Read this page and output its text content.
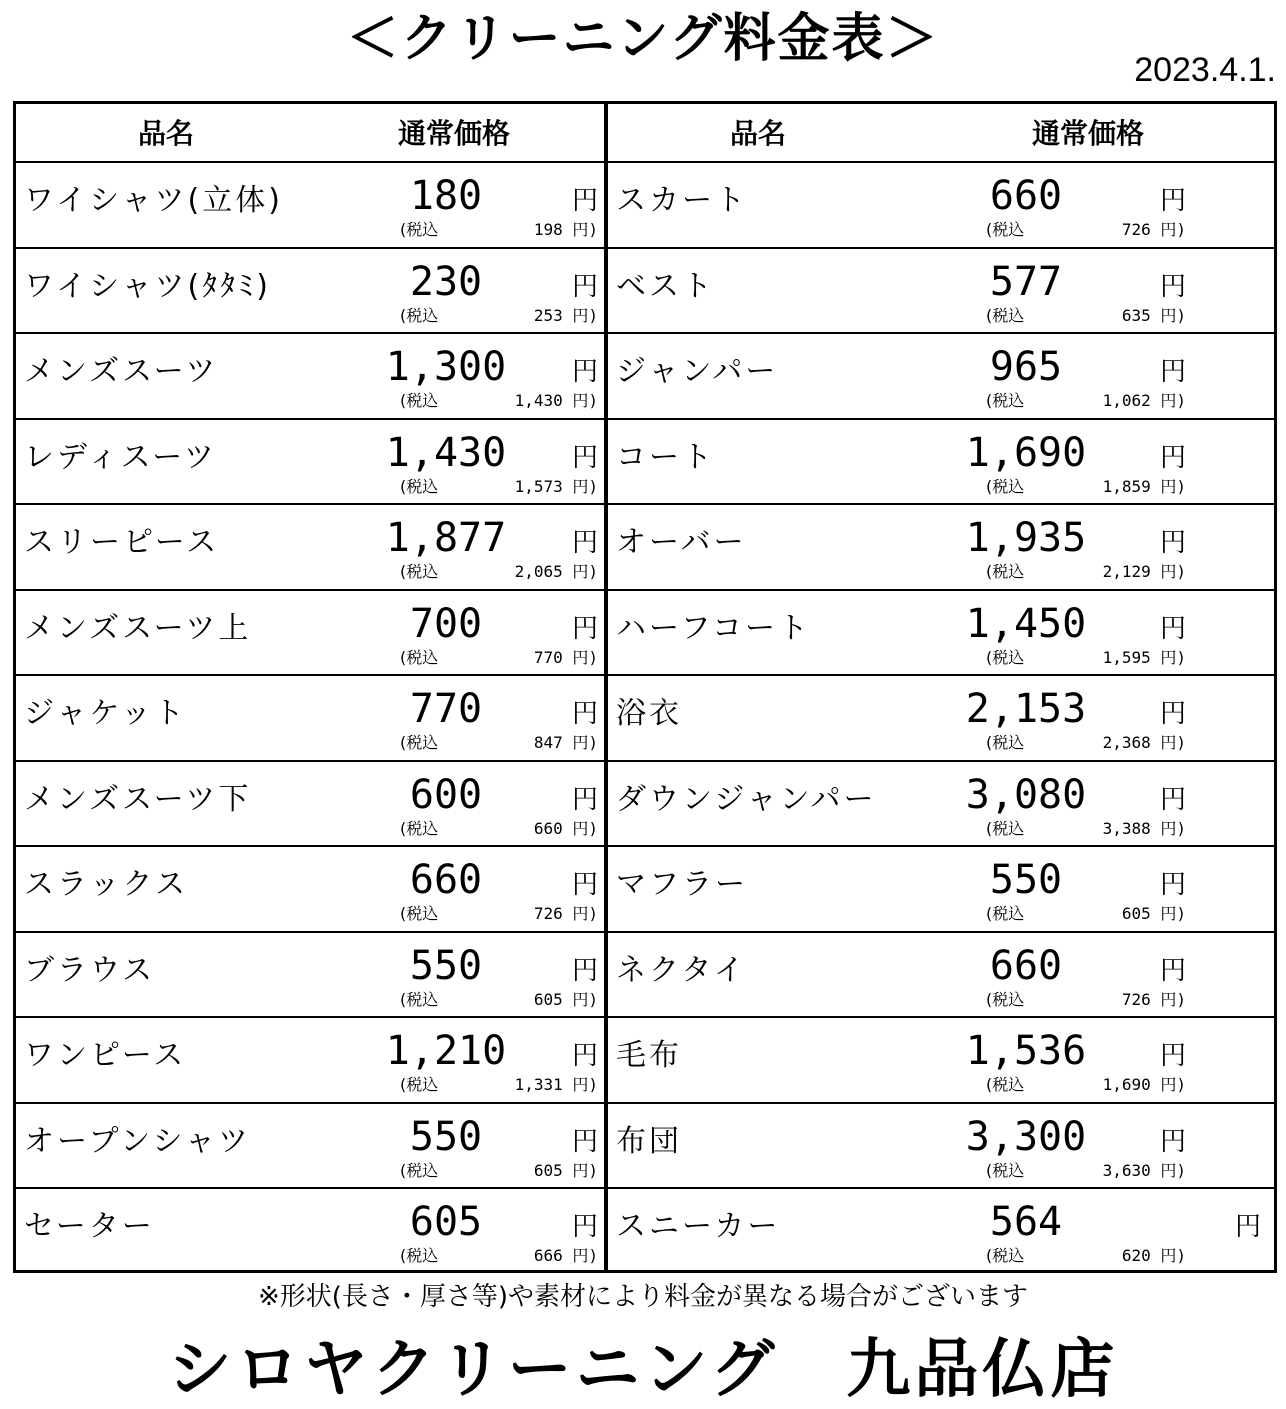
＜クリーニング料金表＞
2023.4.1.
品名	通常価格
ワイシャツ(立体)	180	円
(税込	198 円)
ワイシャツ(ﾀﾀﾐ)	230	円
(税込	253 円)
メンズスーツ	1,300	円
(税込	1,430 円)
レディスーツ	1,430	円
(税込	1,573 円)
スリーピース	1,877	円
(税込	2,065 円)
メンズスーツ上	700	円
(税込	770 円)
ジャケット	770	円
(税込	847 円)
メンズスーツ下	600	円
(税込	660 円)
スラックス	660	円
(税込	726 円)
ブラウス	550	円
(税込	605 円)
ワンピース	1,210	円
(税込	1,331 円)
オープンシャツ	550	円
(税込	605 円)
セーター	605	円
(税込	666 円)
品名	通常価格
スカート	660	円
(税込	726 円)
ベスト	577	円
(税込	635 円)
ジャンパー	965	円
(税込	1,062 円)
コート	1,690	円
(税込	1,859 円)
オーバー	1,935	円
(税込	2,129 円)
ハーフコート	1,450	円
(税込	1,595 円)
浴衣	2,153	円
(税込	2,368 円)
ダウンジャンパー	3,080	円
(税込	3,388 円)
マフラー	550	円
(税込	605 円)
ネクタイ	660	円
(税込	726 円)
毛布	1,536	円
(税込	1,690 円)
布団	3,300	円
(税込	3,630 円)
スニーカー	564	円
(税込	620 円)
※形状(長さ・厚さ等)や素材により料金が異なる場合がございます
シロヤクリーニング　九品仏店
